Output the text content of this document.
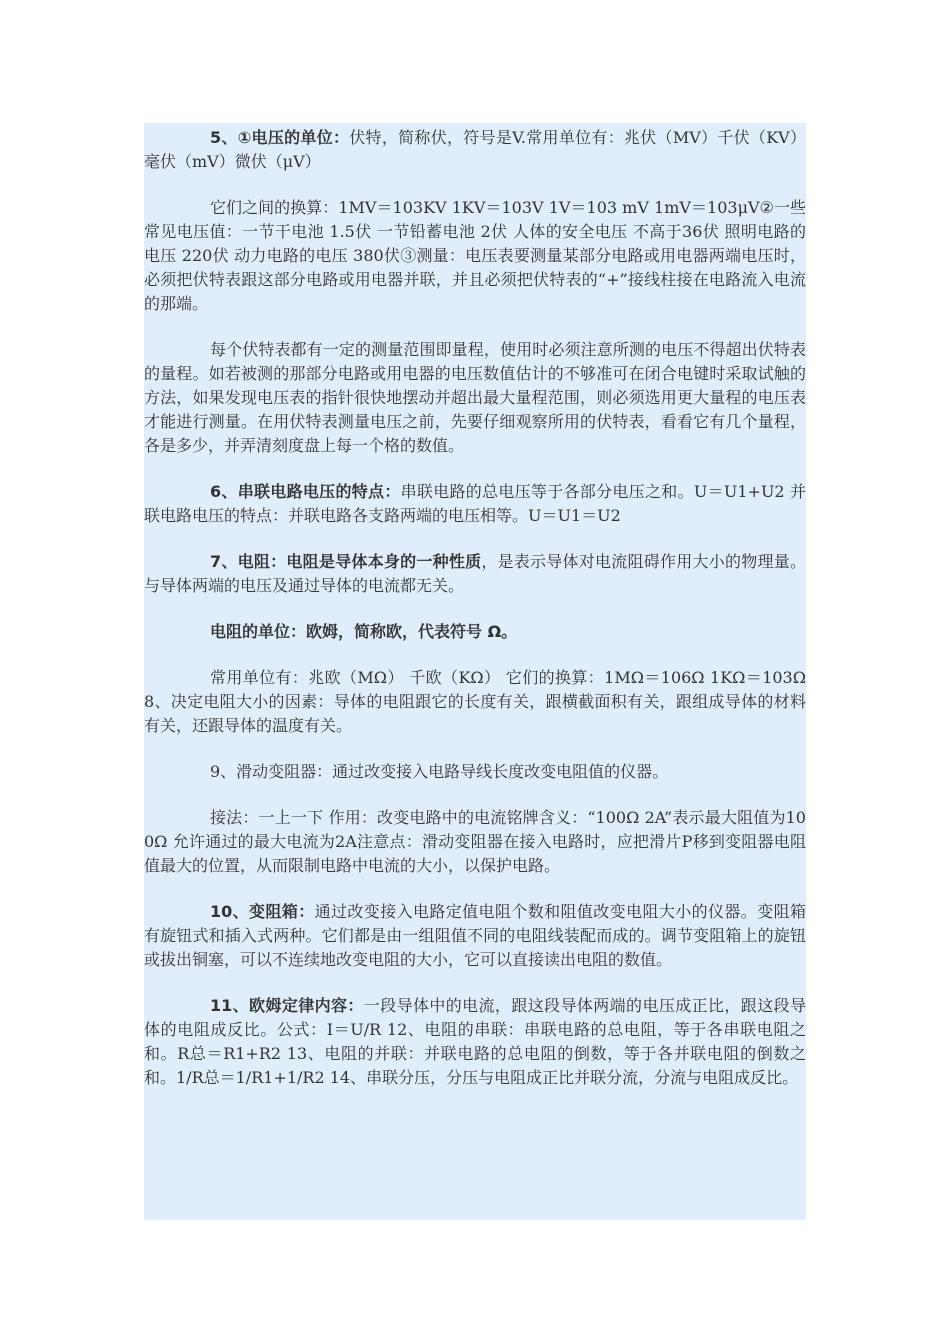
5、①电压的单位：伏特，简称伏，符号是V.常用单位有：兆伏（MV）千伏（KV）毫伏（mV）微伏（μV）

它们之间的换算：1MV＝103KV 1KV＝103V 1V＝103 mV 1mV＝103μV②一些常见电压值：一节干电池 1.5伏 一节铅蓄电池 2伏 人体的安全电压 不高于36伏 照明电路的电压 220伏 动力电路的电压 380伏③测量：电压表要测量某部分电路或用电器两端电压时，必须把伏特表跟这部分电路或用电器并联，并且必须把伏特表的“+”接线柱接在电路流入电流的那端。

每个伏特表都有一定的测量范围即量程，使用时必须注意所测的电压不得超出伏特表的量程。如若被测的那部分电路或用电器的电压数值估计的不够准可在闭合电键时采取试触的方法，如果发现电压表的指针很快地摆动并超出最大量程范围，则必须选用更大量程的电压表才能进行测量。在用伏特表测量电压之前，先要仔细观察所用的伏特表，看看它有几个量程，各是多少，并弄清刻度盘上每一个格的数值。

6、串联电路电压的特点：串联电路的总电压等于各部分电压之和。U＝U1+U2 并联电路电压的特点：并联电路各支路两端的电压相等。U＝U1＝U2

7、电阻：电阻是导体本身的一种性质，是表示导体对电流阻碍作用大小的物理量。与导体两端的电压及通过导体的电流都无关。

电阻的单位：欧姆，简称欧，代表符号 Ω。

常用单位有：兆欧（MΩ） 千欧（KΩ） 它们的换算：1MΩ＝106Ω 1KΩ＝103Ω8、决定电阻大小的因素：导体的电阻跟它的长度有关，跟横截面积有关，跟组成导体的材料有关，还跟导体的温度有关。

9、滑动变阻器：通过改变接入电路导线长度改变电阻值的仪器。

接法：一上一下 作用：改变电路中的电流铭牌含义：“100Ω 2A”表示最大阻值为100Ω 允许通过的最大电流为2A注意点：滑动变阻器在接入电路时，应把滑片P移到变阻器电阻值最大的位置，从而限制电路中电流的大小，以保护电路。

10、变阻箱：通过改变接入电路定值电阻个数和阻值改变电阻大小的仪器。变阻箱有旋钮式和插入式两种。它们都是由一组阻值不同的电阻线装配而成的。调节变阻箱上的旋钮或拔出铜塞，可以不连续地改变电阻的大小，它可以直接读出电阻的数值。

11、欧姆定律内容：一段导体中的电流，跟这段导体两端的电压成正比，跟这段导体的电阻成反比。公式：I＝U/R 12、电阻的串联：串联电路的总电阻，等于各串联电阻之和。R总＝R1+R2 13、电阻的并联：并联电路的总电阻的倒数，等于各并联电阻的倒数之和。1/R总＝1/R1+1/R2 14、串联分压，分压与电阻成正比并联分流，分流与电阻成反比。
